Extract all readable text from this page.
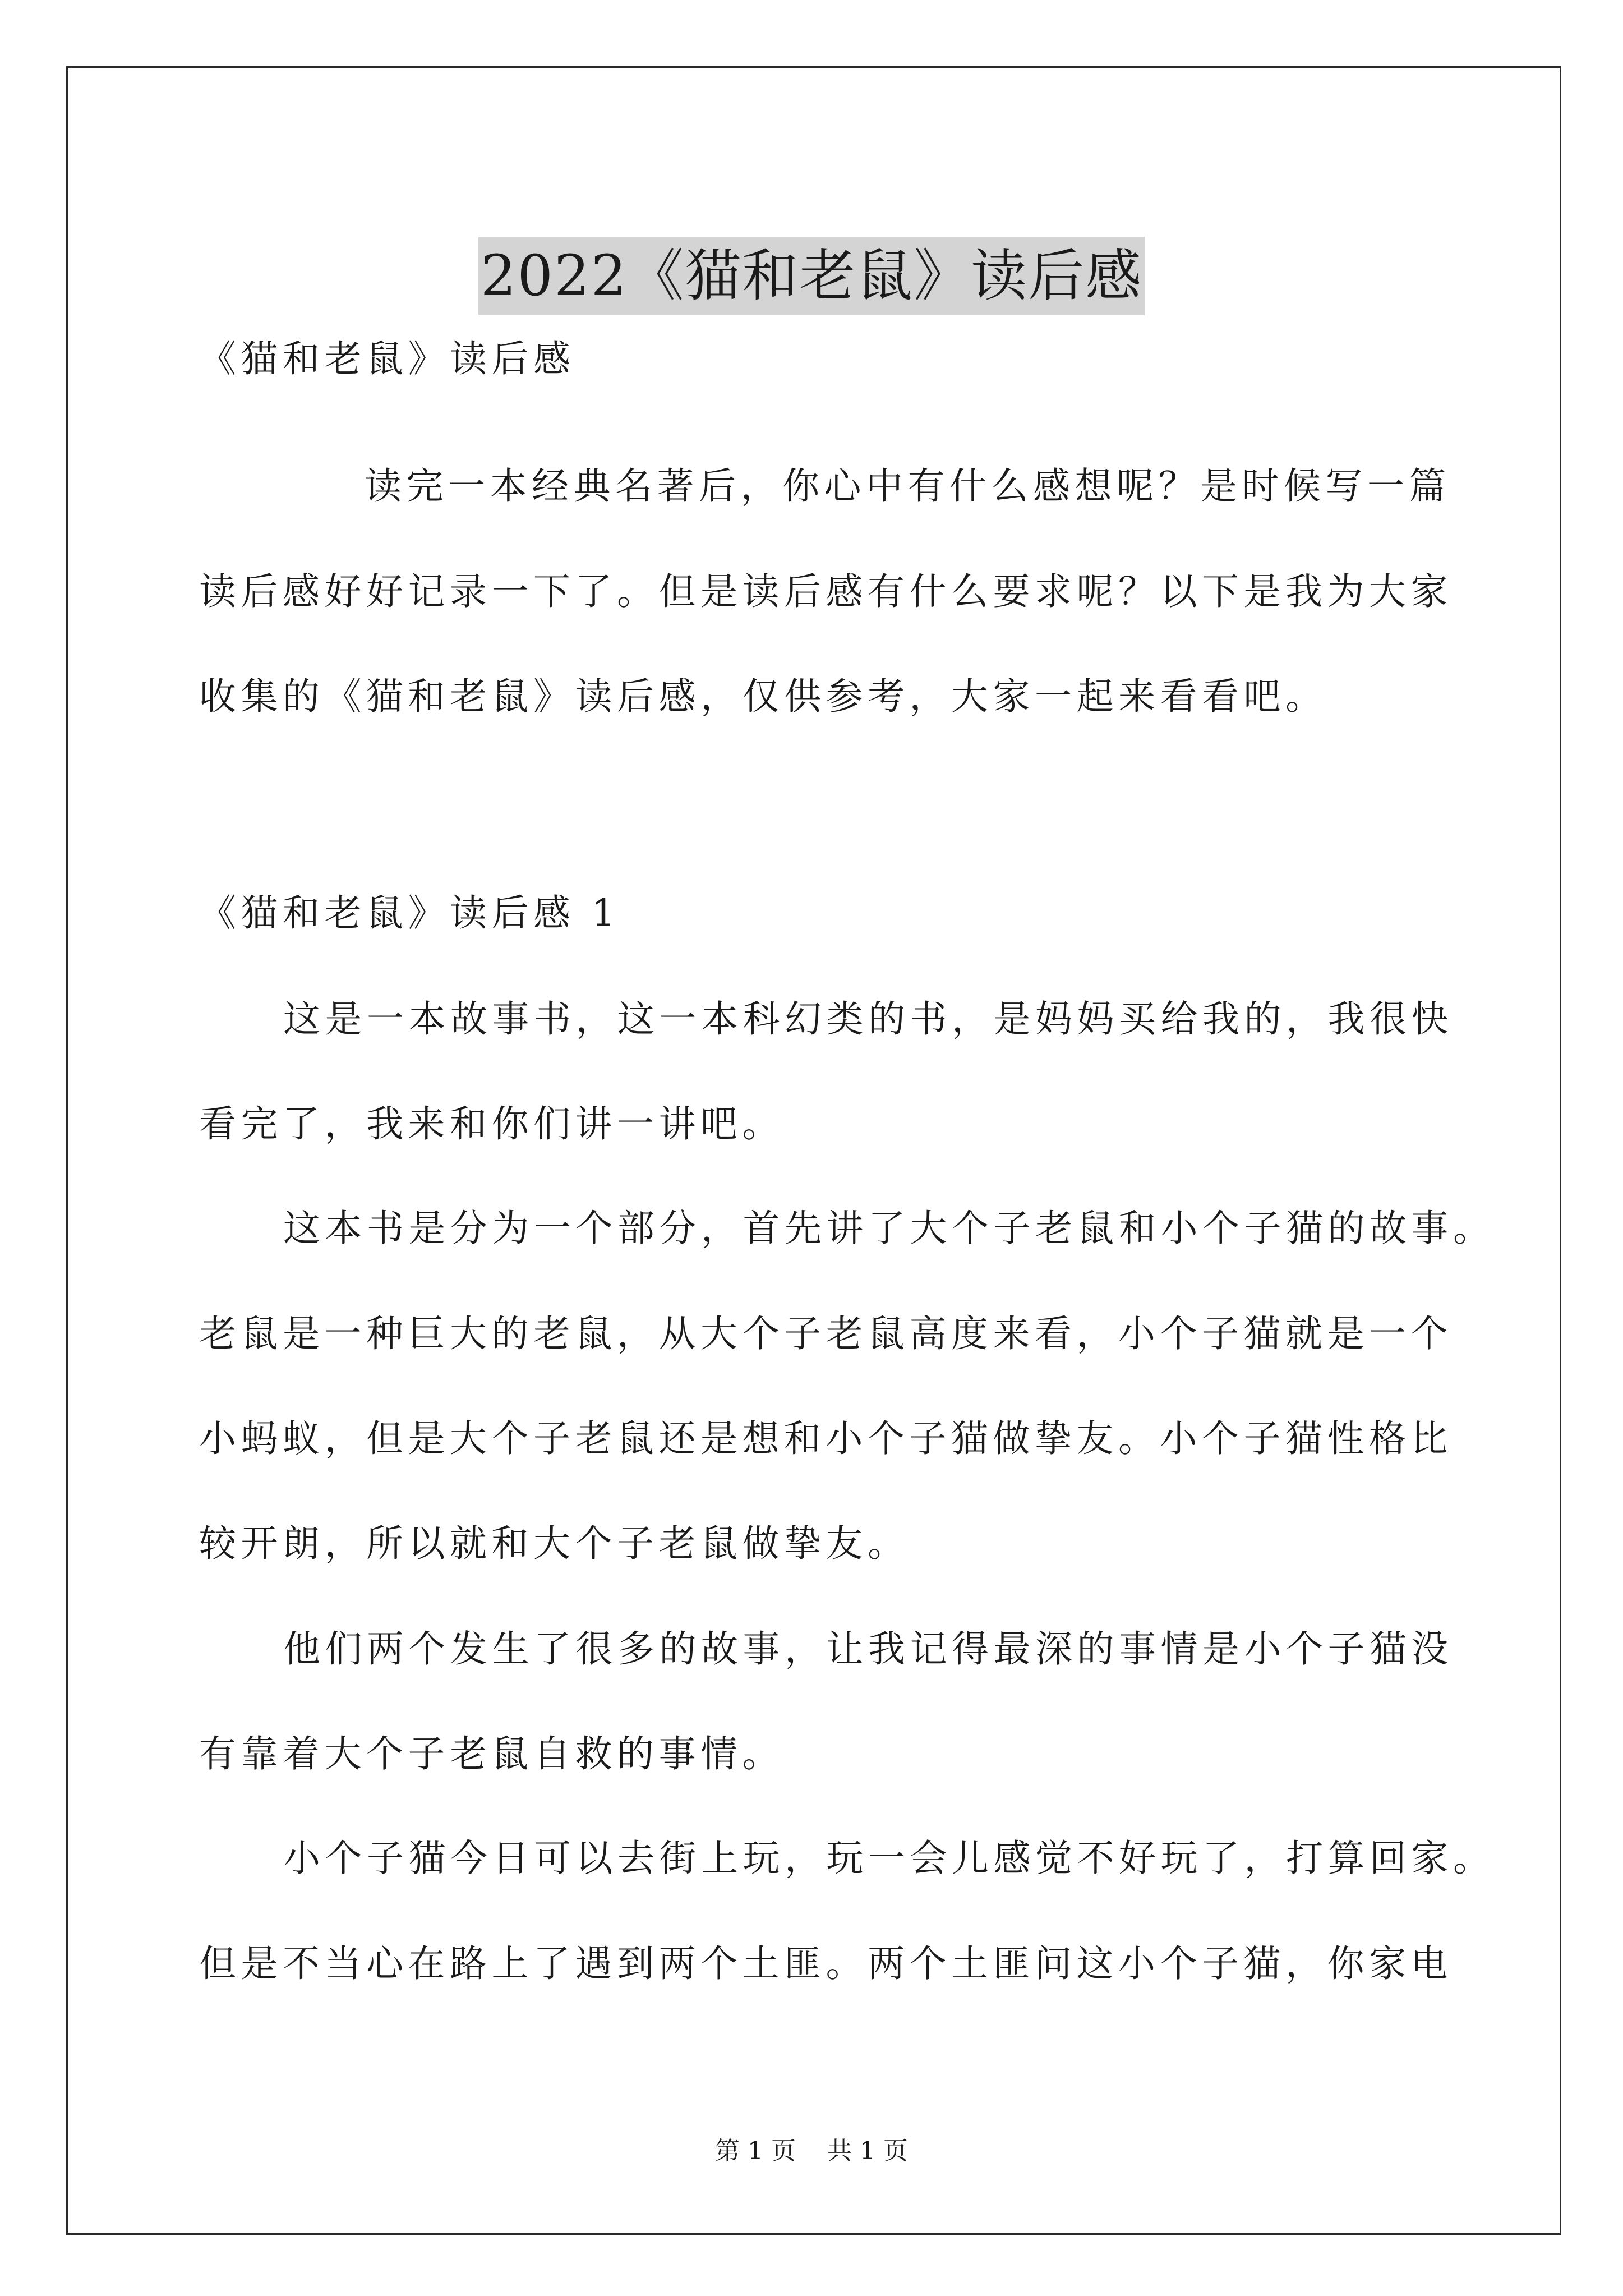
2022《猫和老鼠》读后感
《猫和老鼠》读后感
读完一本经典名著后，你心中有什么感想呢？是时候写一篇
读后感好好记录一下了。但是读后感有什么要求呢？以下是我为大家
收集的《猫和老鼠》读后感，仅供参考，大家一起来看看吧。
《猫和老鼠》读后感 1
这是一本故事书，这一本科幻类的书，是妈妈买给我的，我很快
看完了，我来和你们讲一讲吧。
这本书是分为一个部分，首先讲了大个子老鼠和小个子猫的故事。
老鼠是一种巨大的老鼠，从大个子老鼠高度来看，小个子猫就是一个
小蚂蚁，但是大个子老鼠还是想和小个子猫做挚友。小个子猫性格比
较开朗，所以就和大个子老鼠做挚友。
他们两个发生了很多的故事，让我记得最深的事情是小个子猫没
有靠着大个子老鼠自救的事情。
小个子猫今日可以去街上玩，玩一会儿感觉不好玩了，打算回家。
但是不当心在路上了遇到两个土匪。两个土匪问这小个子猫，你家电
第 1 页    共 1 页
